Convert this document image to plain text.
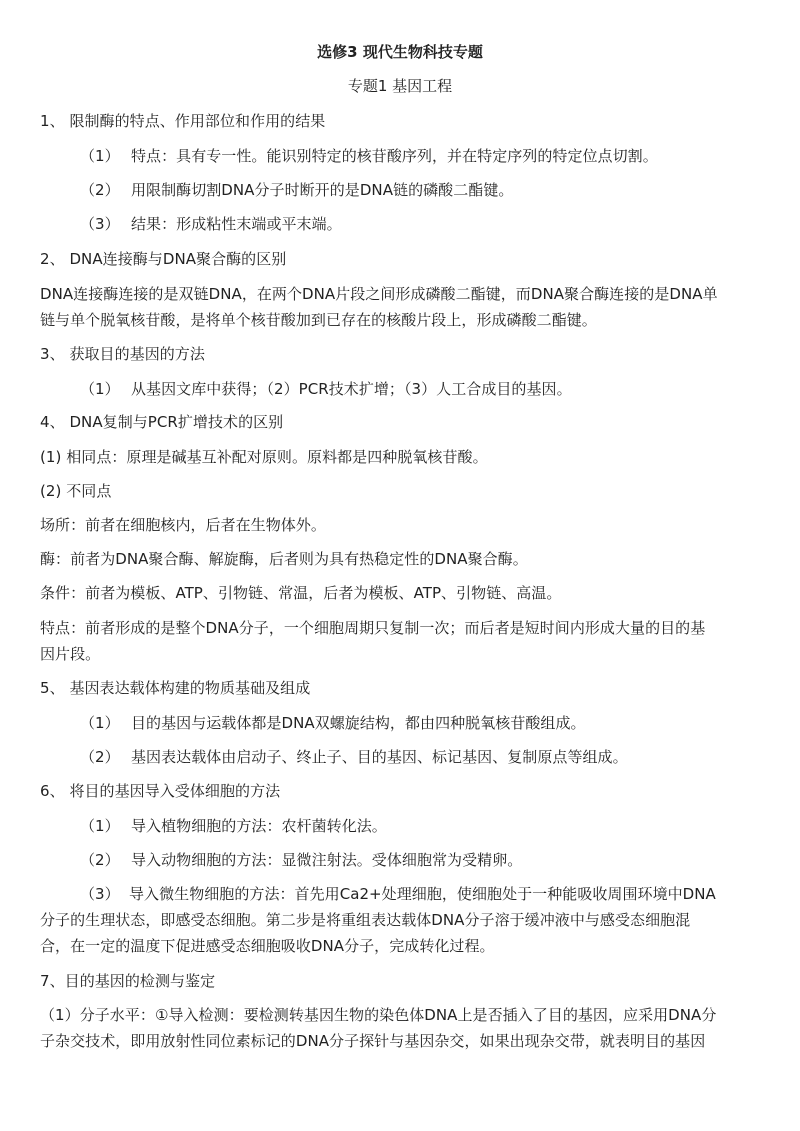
选修3 现代生物科技专题
专题1 基因工程
1、 限制酶的特点、作用部位和作用的结果
（1） 特点：具有专一性。能识别特定的核苷酸序列，并在特定序列的特定位点切割。
（2） 用限制酶切割DNA分子时断开的是DNA链的磷酸二酯键。
（3） 结果：形成粘性末端或平末端。
2、 DNA连接酶与DNA聚合酶的区别
DNA连接酶连接的是双链DNA，在两个DNA片段之间形成磷酸二酯键，而DNA聚合酶连接的是DNA单
链与单个脱氧核苷酸，是将单个核苷酸加到已存在的核酸片段上，形成磷酸二酯键。
3、 获取目的基因的方法
（1） 从基因文库中获得；（2）PCR技术扩增；（3）人工合成目的基因。
4、 DNA复制与PCR扩增技术的区别
(1) 相同点：原理是碱基互补配对原则。原料都是四种脱氧核苷酸。
(2) 不同点
场所：前者在细胞核内，后者在生物体外。
酶：前者为DNA聚合酶、解旋酶，后者则为具有热稳定性的DNA聚合酶。
条件：前者为模板、ATP、引物链、常温，后者为模板、ATP、引物链、高温。
特点：前者形成的是整个DNA分子，一个细胞周期只复制一次；而后者是短时间内形成大量的目的基
因片段。
5、 基因表达载体构建的物质基础及组成
（1） 目的基因与运载体都是DNA双螺旋结构，都由四种脱氧核苷酸组成。
（2） 基因表达载体由启动子、终止子、目的基因、标记基因、复制原点等组成。
6、 将目的基因导入受体细胞的方法
（1） 导入植物细胞的方法：农杆菌转化法。
（2） 导入动物细胞的方法：显微注射法。受体细胞常为受精卵。
（3） 导入微生物细胞的方法：首先用Ca2+处理细胞，使细胞处于一种能吸收周围环境中DNA
分子的生理状态，即感受态细胞。第二步是将重组表达载体DNA分子溶于缓冲液中与感受态细胞混
合，在一定的温度下促进感受态细胞吸收DNA分子，完成转化过程。
7、目的基因的检测与鉴定
（1）分子水平：①导入检测：要检测转基因生物的染色体DNA上是否插入了目的基因，应采用DNA分
子杂交技术，即用放射性同位素标记的DNA分子探针与基因杂交，如果出现杂交带，就表明目的基因
